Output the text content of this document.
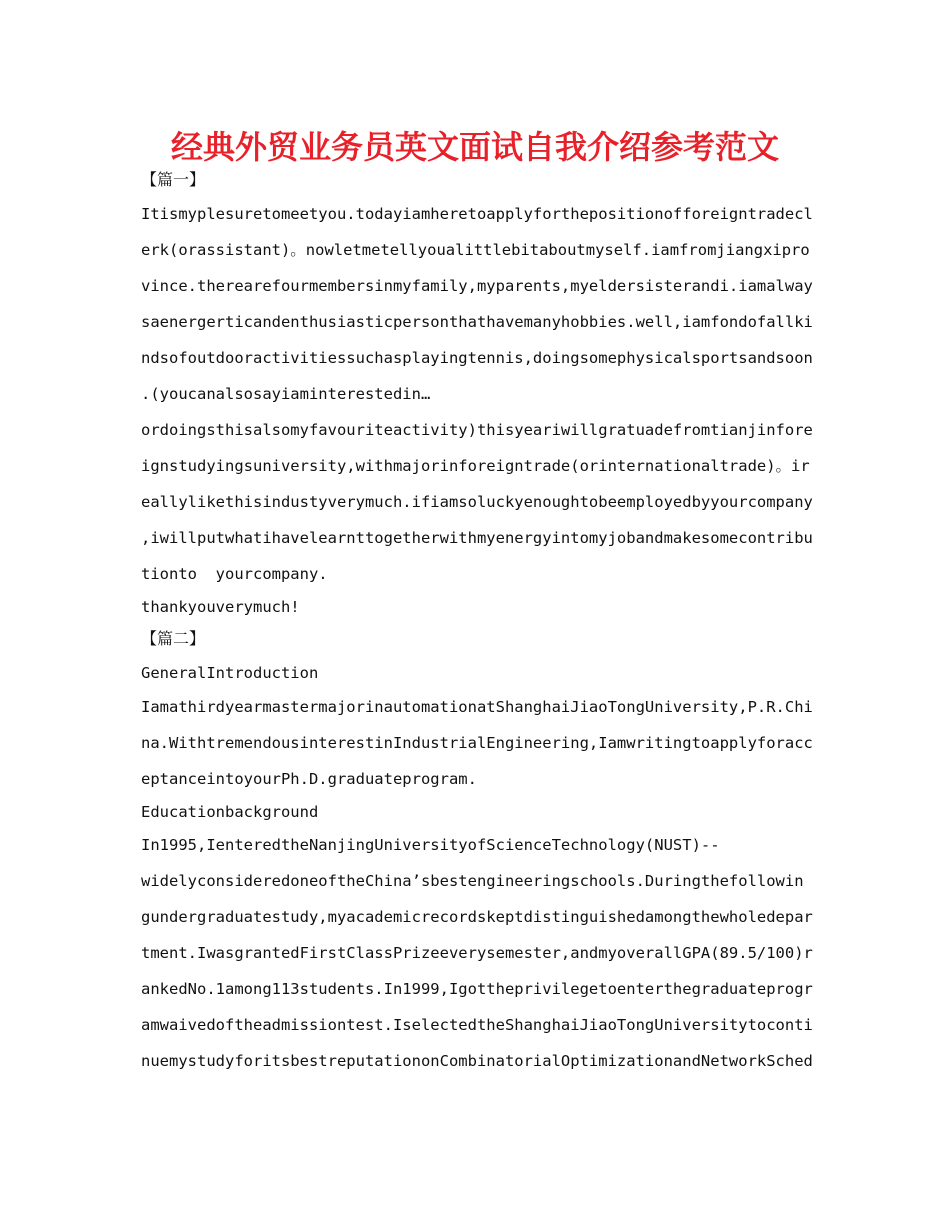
经典外贸业务员英文面试自我介绍参考范文
【篇一】
Itismyplesuretomeetyou.todayiamheretoapplyforthepositionofforeigntradecl
erk(orassistant)。nowletmetellyoualittlebitaboutmyself.iamfromjiangxipro
vince.therearefourmembersinmyfamily,myparents,myeldersisterandi.iamalway
saenergerticandenthusiasticpersonthathavemanyhobbies.well,iamfondofallki
ndsofoutdooractivitiessuchasplayingtennis,doingsomephysicalsportsandsoon
.(youcanalsosayiaminterestedin…
ordoingsthisalsomyfavouriteactivity)thisyeariwillgratuadefromtianjinfore
ignstudyingsuniversity,withmajorinforeigntrade(orinternationaltrade)。ir
eallylikethisindustyverymuch.ifiamsoluckyenoughtobeemployedbyyourcompany
,iwillputwhatihavelearnttogetherwithmyenergyintomyjobandmakesomecontribu
tionto  yourcompany.
thankyouverymuch!
【篇二】
GeneralIntroduction
IamathirdyearmastermajorinautomationatShanghaiJiaoTongUniversity,P.R.Chi
na.WithtremendousinterestinIndustrialEngineering,Iamwritingtoapplyforacc
eptanceintoyourPh.D.graduateprogram.
Educationbackground
In1995,IenteredtheNanjingUniversityofScienceTechnology(NUST)--
widelyconsideredoneoftheChina’sbestengineeringschools.Duringthefollowin
gundergraduatestudy,myacademicrecordskeptdistinguishedamongthewholedepar
tment.IwasgrantedFirstClassPrizeeverysemester,andmyoverallGPA(89.5/100)r
ankedNo.1among113students.In1999,Igottheprivilegetoenterthegraduateprogr
amwaivedoftheadmissiontest.IselectedtheShanghaiJiaoTongUniversitytoconti
nuemystudyforitsbestreputationonCombinatorialOptimizationandNetworkSched
